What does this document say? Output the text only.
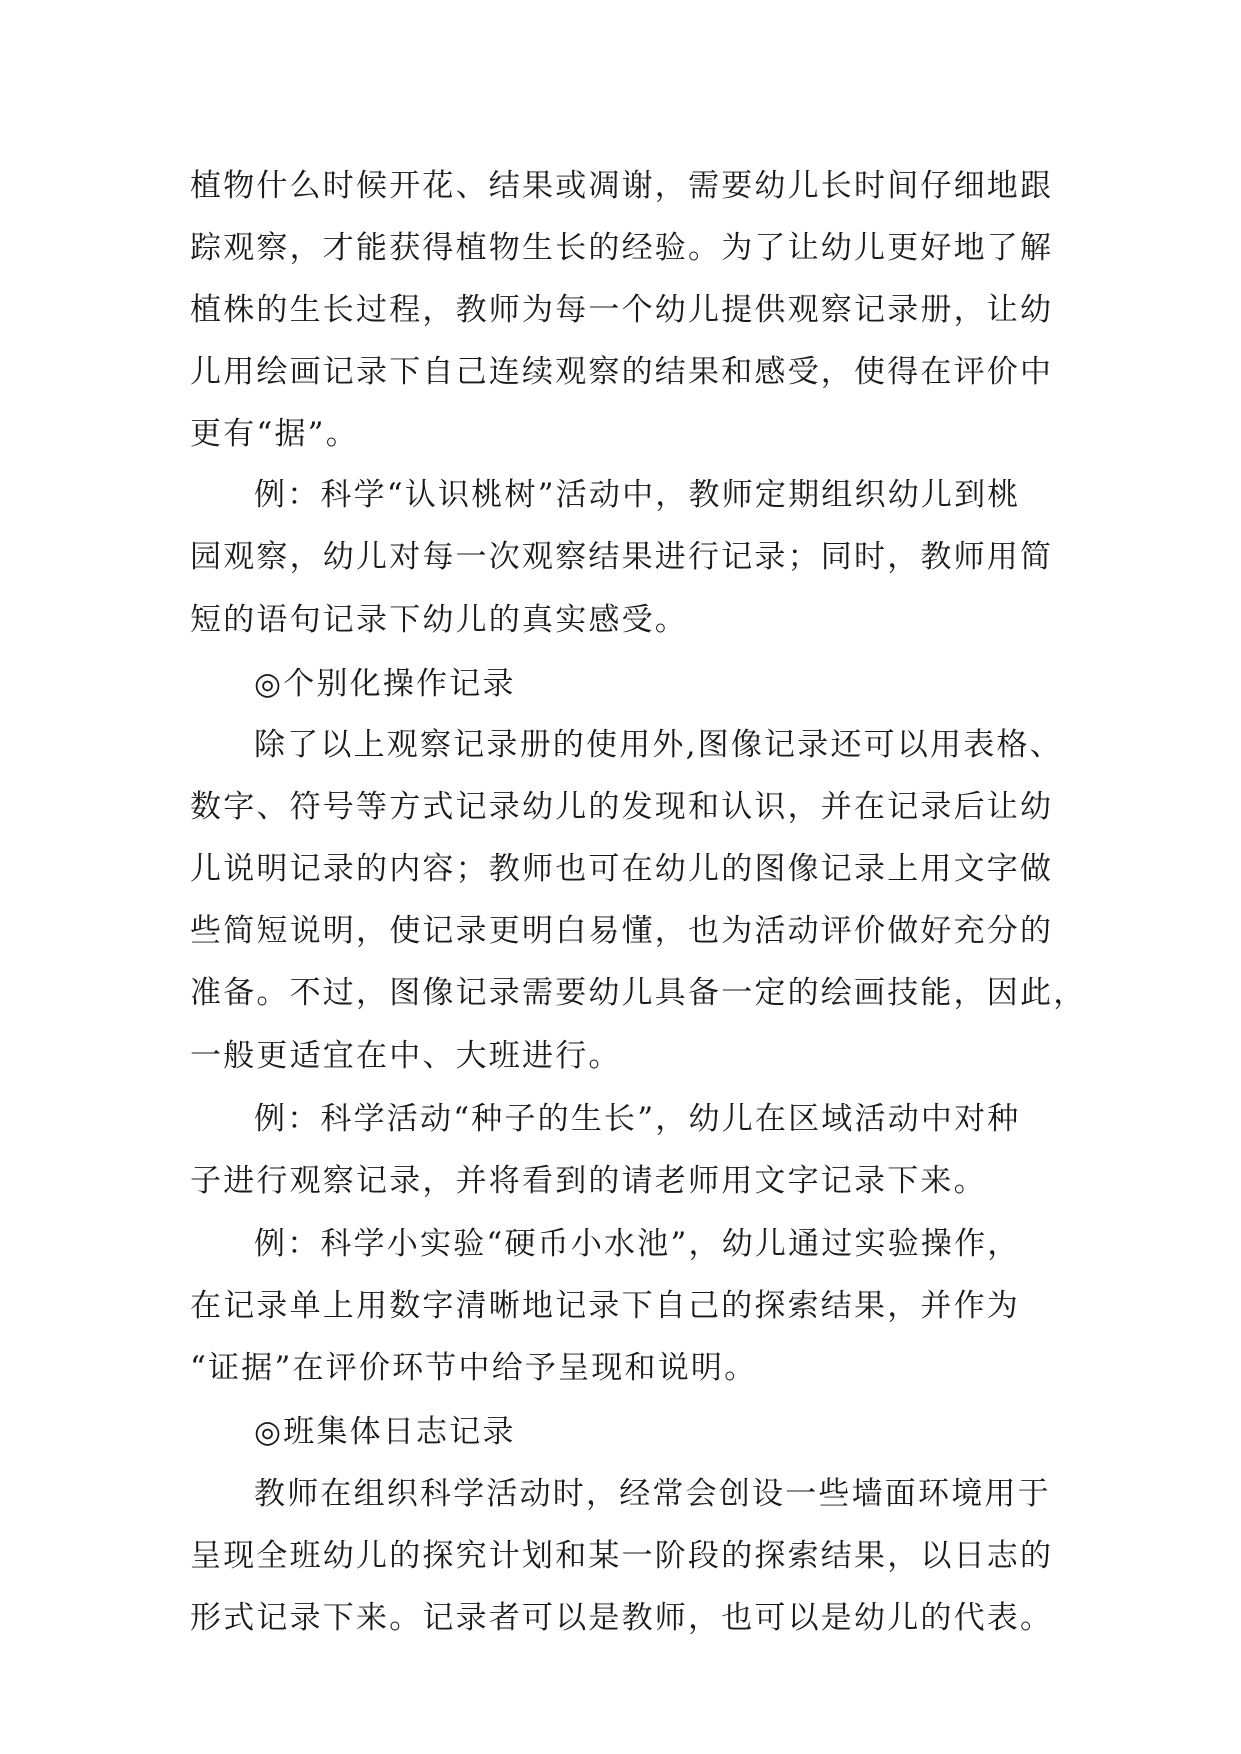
植物什么时候开花、结果或凋谢，需要幼儿长时间仔细地跟
踪观察，才能获得植物生长的经验。为了让幼儿更好地了解
植株的生长过程，教师为每一个幼儿提供观察记录册，让幼
儿用绘画记录下自己连续观察的结果和感受，使得在评价中
更有“据”。
例：科学“认识桃树”活动中，教师定期组织幼儿到桃
园观察，幼儿对每一次观察结果进行记录；同时，教师用简
短的语句记录下幼儿的真实感受。
◎个别化操作记录
除了以上观察记录册的使用外,图像记录还可以用表格、
数字、符号等方式记录幼儿的发现和认识，并在记录后让幼
儿说明记录的内容；教师也可在幼儿的图像记录上用文字做
些简短说明，使记录更明白易懂，也为活动评价做好充分的
准备。不过，图像记录需要幼儿具备一定的绘画技能，因此，
一般更适宜在中、大班进行。
例：科学活动“种子的生长”，幼儿在区域活动中对种
子进行观察记录，并将看到的请老师用文字记录下来。
例：科学小实验“硬币小水池”，幼儿通过实验操作，
在记录单上用数字清晰地记录下自己的探索结果，并作为
“证据”在评价环节中给予呈现和说明。
◎班集体日志记录
教师在组织科学活动时，经常会创设一些墙面环境用于
呈现全班幼儿的探究计划和某一阶段的探索结果，以日志的
形式记录下来。记录者可以是教师，也可以是幼儿的代表。
